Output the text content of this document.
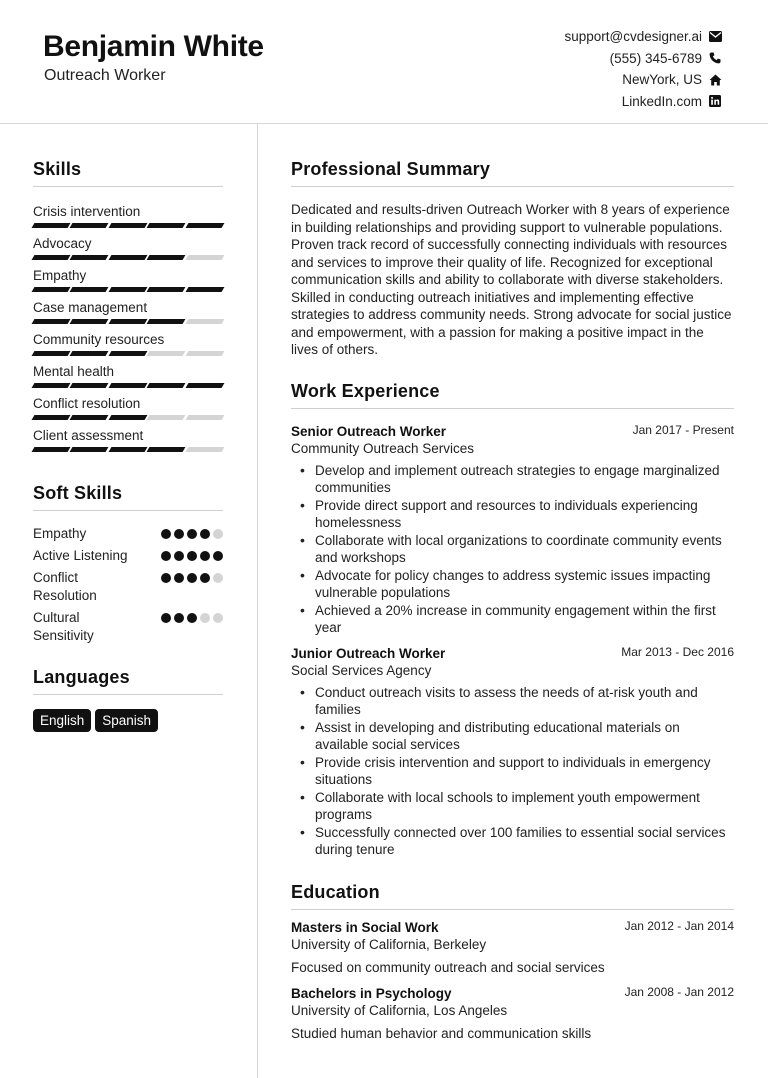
Benjamin White
Outreach Worker
support@cvdesigner.ai
(555) 345-6789
NewYork, US
LinkedIn.com
Skills
Crisis intervention
Advocacy
Empathy
Case management
Community resources
Mental health
Conflict resolution
Client assessment
Soft Skills
Empathy
Active Listening
Conflict Resolution
Cultural Sensitivity
Languages
English	Spanish
Professional Summary

Dedicated and results-driven Outreach Worker with 8 years of experience in building relationships and providing support to vulnerable populations. Proven track record of successfully connecting individuals with resources and services to improve their quality of life. Recognized for exceptional communication skills and ability to collaborate with diverse stakeholders. Skilled in conducting outreach initiatives and implementing effective strategies to address community needs. Strong advocate for social justice and empowerment, with a passion for making a positive impact in the lives of others.

Work Experience
Senior Outreach Worker	Jan 2017 - Present
Community Outreach Services
• Develop and implement outreach strategies to engage marginalized communities
• Provide direct support and resources to individuals experiencing homelessness
• Collaborate with local organizations to coordinate community events and workshops
• Advocate for policy changes to address systemic issues impacting vulnerable populations
• Achieved a 20% increase in community engagement within the first year
Junior Outreach Worker	Mar 2013 - Dec 2016
Social Services Agency
• Conduct outreach visits to assess the needs of at-risk youth and families
• Assist in developing and distributing educational materials on available social services
• Provide crisis intervention and support to individuals in emergency situations
• Collaborate with local schools to implement youth empowerment programs
• Successfully connected over 100 families to essential social services during tenure
Education
Masters in Social Work	Jan 2012 - Jan 2014
University of California, Berkeley
Focused on community outreach and social services
Bachelors in Psychology	Jan 2008 - Jan 2012
University of California, Los Angeles
Studied human behavior and communication skills
